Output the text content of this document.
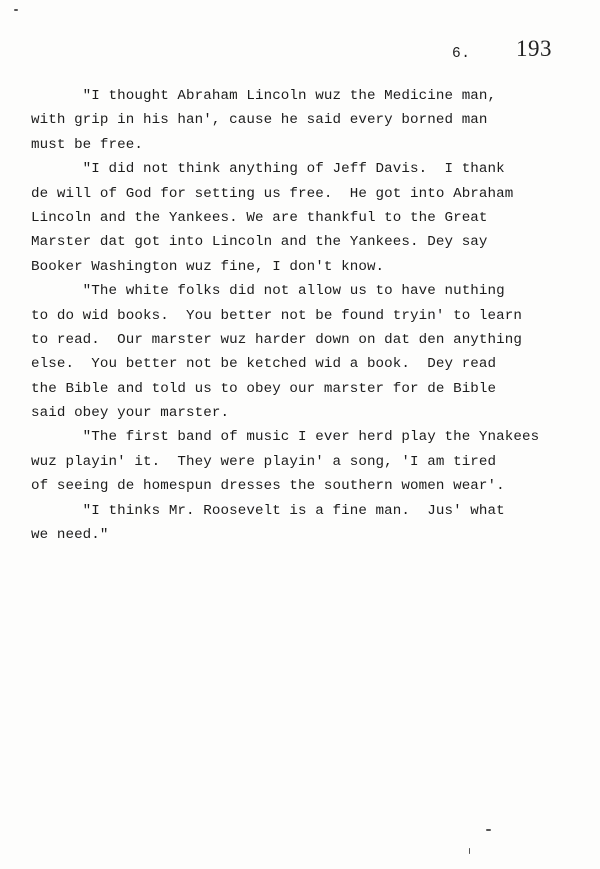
6. 193
"I thought Abraham Lincoln wuz the Medicine man,
with grip in his han', cause he said every borned man
must be free.
"I did not think anything of Jeff Davis.  I thank
de will of God for setting us free.  He got into Abraham
Lincoln and the Yankees. We are thankful to the Great
Marster dat got into Lincoln and the Yankees. Dey say
Booker Washington wuz fine, I don't know.
"The white folks did not allow us to have nuthing
to do wid books.  You better not be found tryin' to learn
to read.  Our marster wuz harder down on dat den anything
else.  You better not be ketched wid a book.  Dey read
the Bible and told us to obey our marster for de Bible
said obey your marster.
"The first band of music I ever herd play the Ynakees
wuz playin' it.  They were playin' a song, 'I am tired
of seeing de homespun dresses the southern women wear'.
"I thinks Mr. Roosevelt is a fine man.  Jus' what
we need."
